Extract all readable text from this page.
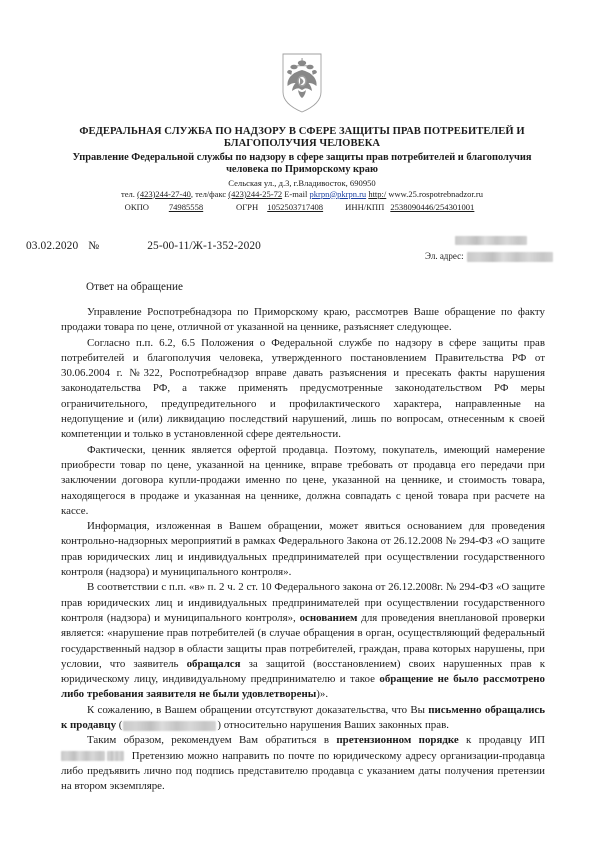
ФЕДЕРАЛЬНАЯ СЛУЖБА ПО НАДЗОРУ В СФЕРЕ ЗАЩИТЫ ПРАВ ПОТРЕБИТЕЛЕЙ И БЛАГОПОЛУЧИЯ ЧЕЛОВЕКА
Управление Федеральной службы по надзору в сфере защиты прав потребителей и благополучия человека по Приморскому краю
Сельская ул., д.3, г.Владивосток, 690950
тел. (423)244-27-40, тел/факс (423)244-25-72 E-mail pkrpn@pkrpn.ru http:/ www.25.rospotrebnadzor.ru
ОКПО 74985558	ОГРН 1052503717408	ИНН/КПП 2538090446/254301001
03.02.2020 №	25-00-11/Ж-1-352-2020
Эл. адрес:
Ответ на обращение

Управление Роспотребнадзора по Приморскому краю, рассмотрев Ваше обращение по факту продажи товара по цене, отличной от указанной на ценнике, разъясняет следующее.

Согласно п.п. 6.2, 6.5 Положения о Федеральной службе по надзору в сфере защиты прав потребителей и благополучия человека, утвержденного постановлением Правительства РФ от 30.06.2004 г. №322, Роспотребнадзор вправе давать разъяснения и пресекать факты нарушения законодательства РФ, а также применять предусмотренные законодательством РФ меры ограничительного, предупредительного и профилактического характера, направленные на недопущение и (или) ликвидацию последствий нарушений, лишь по вопросам, отнесенным к своей компетенции и только в установленной сфере деятельности.

Фактически, ценник является офертой продавца. Поэтому, покупатель, имеющий намерение приобрести товар по цене, указанной на ценнике, вправе требовать от продавца его передачи при заключении договора купли-продажи именно по цене, указанной на ценнике, и стоимость товара, находящегося в продаже и указанная на ценнике, должна совпадать с ценой товара при расчете на кассе.

Информация, изложенная в Вашем обращении, может явиться основанием для проведения контрольно-надзорных мероприятий в рамках Федерального Закона от 26.12.2008 № 294-ФЗ «О защите прав юридических лиц и индивидуальных предпринимателей при осуществлении государственного контроля (надзора) и муниципального контроля».

В соответствии с п.п. «в» п. 2 ч. 2 ст. 10 Федерального закона от 26.12.2008г. № 294-ФЗ «О защите прав юридических лиц и индивидуальных предпринимателей при осуществлении государственного контроля (надзора) и муниципального контроля», основанием для проведения внеплановой проверки является: «нарушение прав потребителей (в случае обращения в орган, осуществляющий федеральный государственный надзор в области защиты прав потребителей, граждан, права которых нарушены, при условии, что заявитель обращался за защитой (восстановлением) своих нарушенных прав к юридическому лицу, индивидуальному предпринимателю и такое обращение не было рассмотрено либо требования заявителя не были удовлетворены)».

К сожалению, в Вашем обращении отсутствуют доказательства, что Вы письменно обращались к продавцу (	) относительно нарушения Ваших законных прав.

Таким образом, рекомендуем Вам обратиться в претензионном порядке к продавцу ИП  Претензию можно направить по почте по юридическому адресу организации-продавца либо предъявить лично под подпись представителю продавца с указанием даты получения претензии на втором экземпляре.
